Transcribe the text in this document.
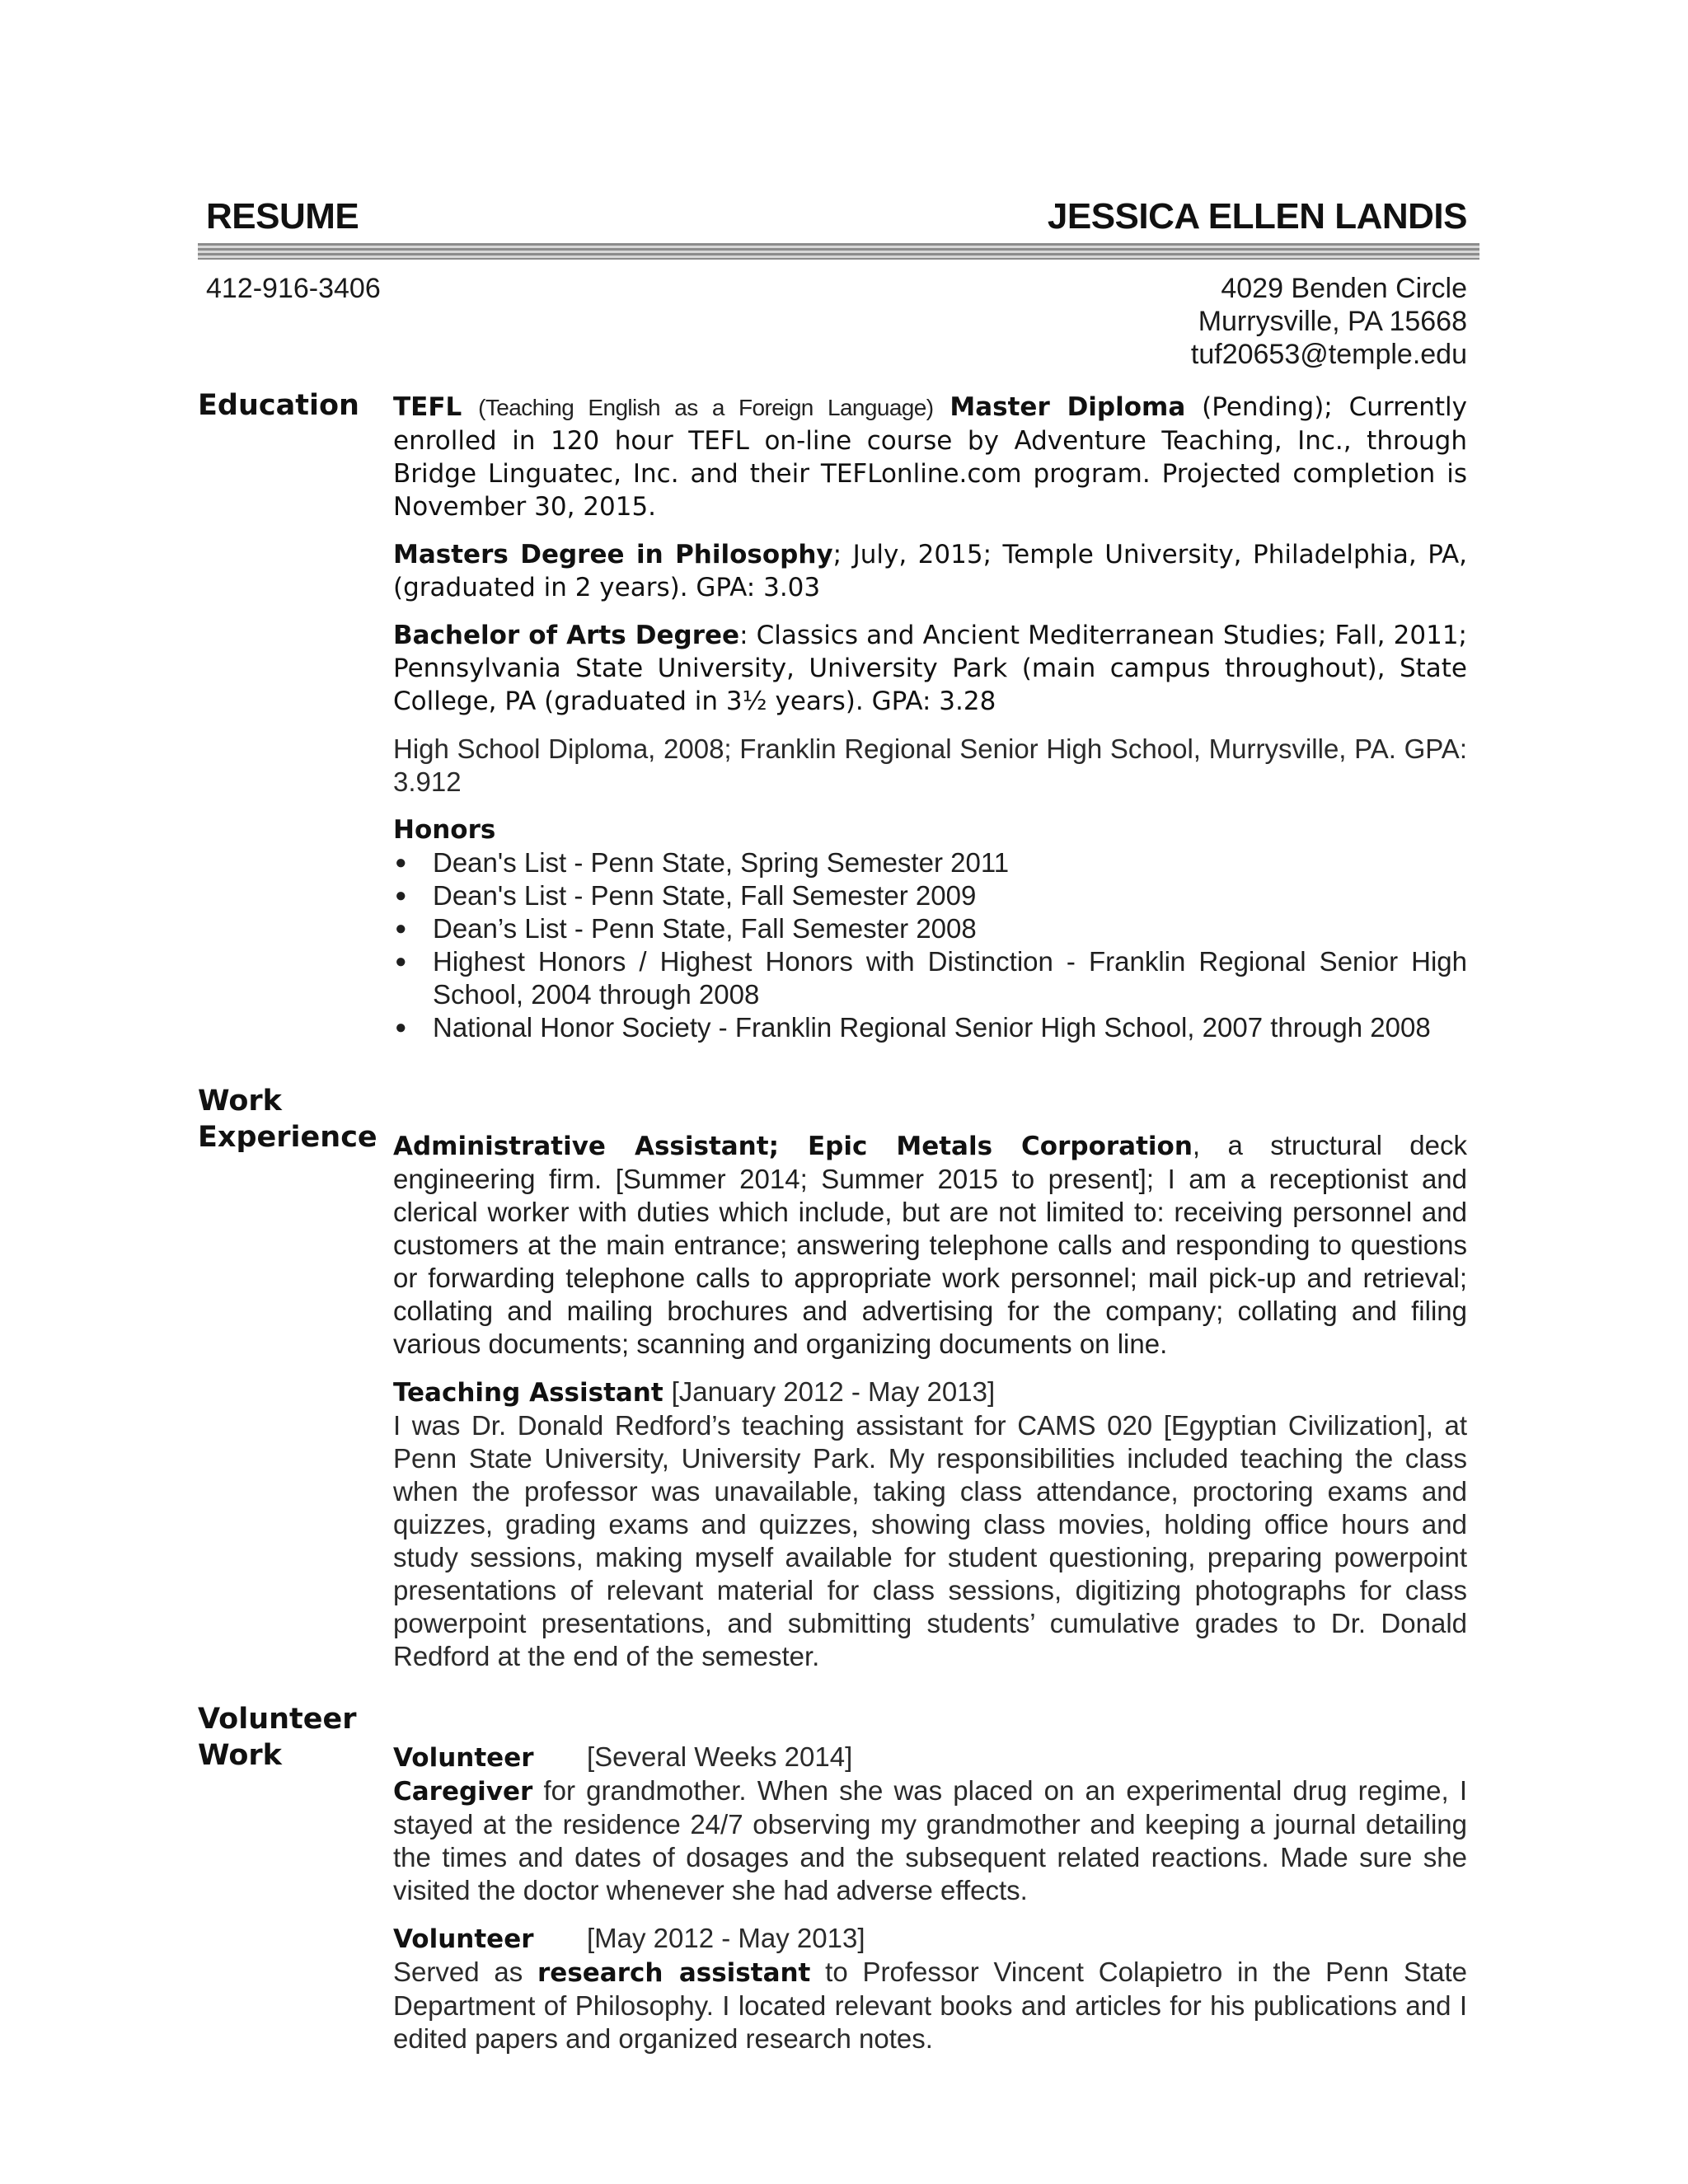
RESUME	JESSICA ELLEN LANDIS
412-916-3406	4029 Benden Circle
Murrysville, PA 15668
tuf20653@temple.edu
Education	TEFL (Teaching English as a Foreign Language) Master Diploma (Pending); Currently enrolled in 120 hour TEFL on-line course by Adventure Teaching, Inc., through Bridge Linguatec, Inc. and their TEFLonline.com program. Projected completion is November 30, 2015.

Masters Degree in Philosophy; July, 2015; Temple University, Philadelphia, PA, (graduated in 2 years). GPA: 3.03

Bachelor of Arts Degree: Classics and Ancient Mediterranean Studies; Fall, 2011; Pennsylvania State University, University Park (main campus throughout), State College, PA (graduated in 3½ years). GPA: 3.28

High School Diploma, 2008; Franklin Regional Senior High School, Murrysville, PA. GPA: 3.912

Honors
● Dean's List - Penn State, Spring Semester 2011
● Dean's List - Penn State, Fall Semester 2009
● Dean’s List - Penn State, Fall Semester 2008
● Highest Honors / Highest Honors with Distinction - Franklin Regional Senior High School, 2004 through 2008
● National Honor Society - Franklin Regional Senior High School, 2007 through 2008
Work
Experience Administrative Assistant; Epic Metals Corporation, a structural deck engineering firm. [Summer 2014; Summer 2015 to present]; I am a receptionist and clerical worker with duties which include, but are not limited to: receiving personnel and customers at the main entrance; answering telephone calls and responding to questions or forwarding telephone calls to appropriate work personnel; mail pick-up and retrieval; collating and mailing brochures and advertising for the company; collating and filing various documents; scanning and organizing documents on line.

Teaching Assistant [January 2012 - May 2013]

I was Dr. Donald Redford’s teaching assistant for CAMS 020 [Egyptian Civilization], at Penn State University, University Park. My responsibilities included teaching the class when the professor was unavailable, taking class attendance, proctoring exams and quizzes, grading exams and quizzes, showing class movies, holding office hours and study sessions, making myself available for student questioning, preparing powerpoint presentations of relevant material for class sessions, digitizing photographs for class powerpoint presentations, and submitting students’ cumulative grades to Dr. Donald Redford at the end of the semester.

Volunteer
Work	Volunteer [Several Weeks 2014]

Caregiver for grandmother. When she was placed on an experimental drug regime, I stayed at the residence 24/7 observing my grandmother and keeping a journal detailing the times and dates of dosages and the subsequent related reactions. Made sure she visited the doctor whenever she had adverse effects.

Volunteer [May 2012 - May 2013]

Served as research assistant to Professor Vincent Colapietro in the Penn State Department of Philosophy. I located relevant books and articles for his publications and I edited papers and organized research notes.
